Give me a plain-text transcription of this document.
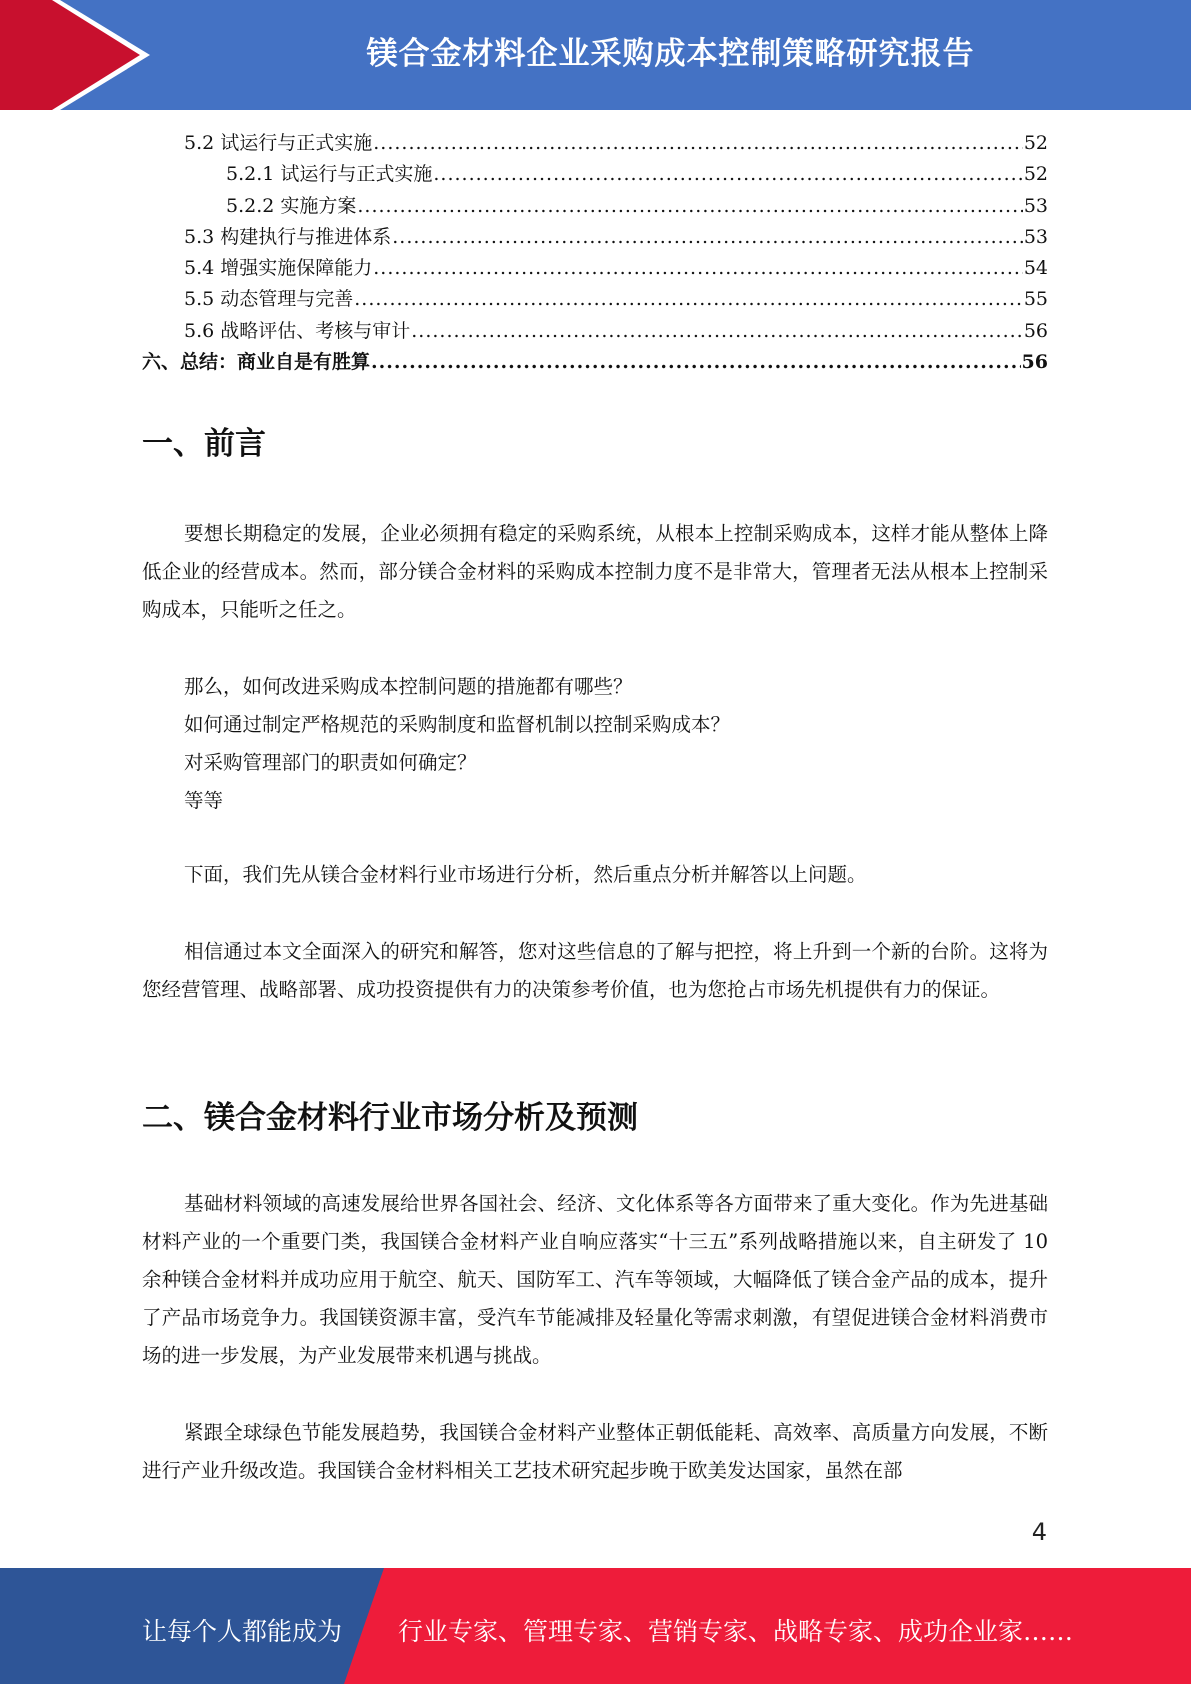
镁合金材料企业采购成本控制策略研究报告
5.2 试运行与正式实施 .....	52
5.2.1 试运行与正式实施 .....	52
5.2.2 实施方案 .....	53
5.3 构建执行与推进体系 .....	53
5.4 增强实施保障能力 .....	54
5.5 动态管理与完善 .....	55
5.6 战略评估、考核与审计 .....	56
六、总结：商业自是有胜算 .....	56
一、前言

要想长期稳定的发展，企业必须拥有稳定的采购系统，从根本上控制采购成本，这样才能从整体上降低企业的经营成本。然而，部分镁合金材料的采购成本控制力度不是非常大，管理者无法从根本上控制采购成本，只能听之任之。

那么，如何改进采购成本控制问题的措施都有哪些？

如何通过制定严格规范的采购制度和监督机制以控制采购成本？

对采购管理部门的职责如何确定？

等等

下面，我们先从镁合金材料行业市场进行分析，然后重点分析并解答以上问题。

相信通过本文全面深入的研究和解答，您对这些信息的了解与把控，将上升到一个新的台阶。这将为您经营管理、战略部署、成功投资提供有力的决策参考价值，也为您抢占市场先机提供有力的保证。

二、镁合金材料行业市场分析及预测

基础材料领域的高速发展给世界各国社会、经济、文化体系等各方面带来了重大变化。作为先进基础材料产业的一个重要门类，我国镁合金材料产业自响应落实“十三五”系列战略措施以来，自主研发了 10 余种镁合金材料并成功应用于航空、航天、国防军工、汽车等领域，大幅降低了镁合金产品的成本，提升了产品市场竞争力。我国镁资源丰富，受汽车节能减排及轻量化等需求刺激，有望促进镁合金材料消费市场的进一步发展，为产业发展带来机遇与挑战。

紧跟全球绿色节能发展趋势，我国镁合金材料产业整体正朝低能耗、高效率、高质量方向发展，不断进行产业升级改造。我国镁合金材料相关工艺技术研究起步晚于欧美发达国家，虽然在部

4
让每个人都能成为 行业专家、管理专家、营销专家、战略专家、成功企业家……
